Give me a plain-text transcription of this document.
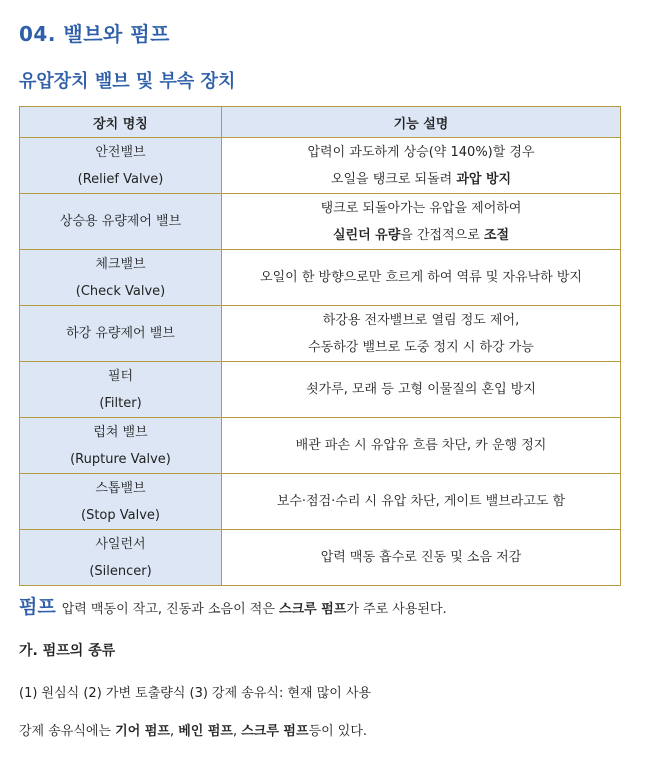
04. 밸브와 펌프
유압장치 밸브 및 부속 장치
장치 명칭	기능 설명

안전밸브
(Relief Valve)	압력이 과도하게 상승(약 140%)할 경우
오일을 탱크로 되돌려 과압 방지

상승용 유량제어 밸브	탱크로 되돌아가는 유압을 제어하여
실린더 유량을 간접적으로 조절

체크밸브
(Check Valve)	오일이 한 방향으로만 흐르게 하여 역류 및 자유낙하 방지

하강 유량제어 밸브	하강용 전자밸브로 열림 정도 제어,
수동하강 밸브로 도중 정지 시 하강 가능

필터
(Filter)	쇳가루, 모래 등 고형 이물질의 혼입 방지

럽쳐 밸브
(Rupture Valve)	배관 파손 시 유압유 흐름 차단, 카 운행 정지

스톱밸브
(Stop Valve)	보수·점검·수리 시 유압 차단, 게이트 밸브라고도 함

사일런서
(Silencer)	압력 맥동 흡수로 진동 및 소음 저감
펌프 압력 맥동이 작고, 진동과 소음이 적은 스크루 펌프가 주로 사용된다.
가. 펌프의 종류
(1) 원심식 (2) 가변 토출량식 (3) 강제 송유식: 현재 많이 사용
강제 송유식에는 기어 펌프, 베인 펌프, 스크루 펌프등이 있다.
